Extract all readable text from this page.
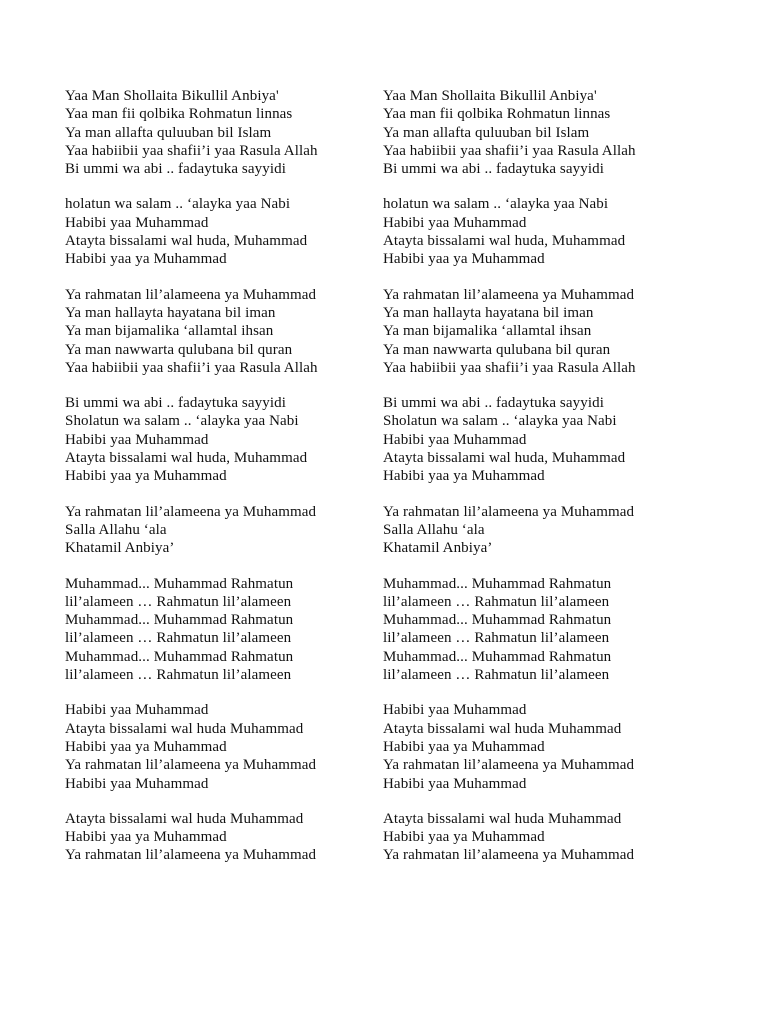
Yaa Man Shollaita Bikullil Anbiya'
Yaa man fii qolbika Rohmatun linnas
Ya man allafta quluuban bil Islam
Yaa habiibii yaa shafii’i yaa Rasula Allah
Bi ummi wa abi .. fadaytuka sayyidi
holatun wa salam .. ‘alayka yaa Nabi
Habibi yaa Muhammad
Atayta bissalami wal huda, Muhammad
Habibi yaa ya Muhammad
Ya rahmatan lil’alameena ya Muhammad
Ya man hallayta hayatana bil iman
Ya man bijamalika ‘allamtal ihsan
Ya man nawwarta qulubana bil quran
Yaa habiibii yaa shafii’i yaa Rasula Allah
Bi ummi wa abi .. fadaytuka sayyidi
Sholatun wa salam .. ‘alayka yaa Nabi
Habibi yaa Muhammad
Atayta bissalami wal huda, Muhammad
Habibi yaa ya Muhammad
Ya rahmatan lil’alameena ya Muhammad
Salla Allahu ‘ala
Khatamil Anbiya’
Muhammad... Muhammad Rahmatun
lil’alameen … Rahmatun lil’alameen
Muhammad... Muhammad Rahmatun
lil’alameen … Rahmatun lil’alameen
Muhammad... Muhammad Rahmatun
lil’alameen … Rahmatun lil’alameen
Habibi yaa Muhammad
Atayta bissalami wal huda Muhammad
Habibi yaa ya Muhammad
Ya rahmatan lil’alameena ya Muhammad
Habibi yaa Muhammad
Atayta bissalami wal huda Muhammad
Habibi yaa ya Muhammad
Ya rahmatan lil’alameena ya Muhammad
Yaa Man Shollaita Bikullil Anbiya'
Yaa man fii qolbika Rohmatun linnas
Ya man allafta quluuban bil Islam
Yaa habiibii yaa shafii’i yaa Rasula Allah
Bi ummi wa abi .. fadaytuka sayyidi
holatun wa salam .. ‘alayka yaa Nabi
Habibi yaa Muhammad
Atayta bissalami wal huda, Muhammad
Habibi yaa ya Muhammad
Ya rahmatan lil’alameena ya Muhammad
Ya man hallayta hayatana bil iman
Ya man bijamalika ‘allamtal ihsan
Ya man nawwarta qulubana bil quran
Yaa habiibii yaa shafii’i yaa Rasula Allah
Bi ummi wa abi .. fadaytuka sayyidi
Sholatun wa salam .. ‘alayka yaa Nabi
Habibi yaa Muhammad
Atayta bissalami wal huda, Muhammad
Habibi yaa ya Muhammad
Ya rahmatan lil’alameena ya Muhammad
Salla Allahu ‘ala
Khatamil Anbiya’
Muhammad... Muhammad Rahmatun
lil’alameen … Rahmatun lil’alameen
Muhammad... Muhammad Rahmatun
lil’alameen … Rahmatun lil’alameen
Muhammad... Muhammad Rahmatun
lil’alameen … Rahmatun lil’alameen
Habibi yaa Muhammad
Atayta bissalami wal huda Muhammad
Habibi yaa ya Muhammad
Ya rahmatan lil’alameena ya Muhammad
Habibi yaa Muhammad
Atayta bissalami wal huda Muhammad
Habibi yaa ya Muhammad
Ya rahmatan lil’alameena ya Muhammad
